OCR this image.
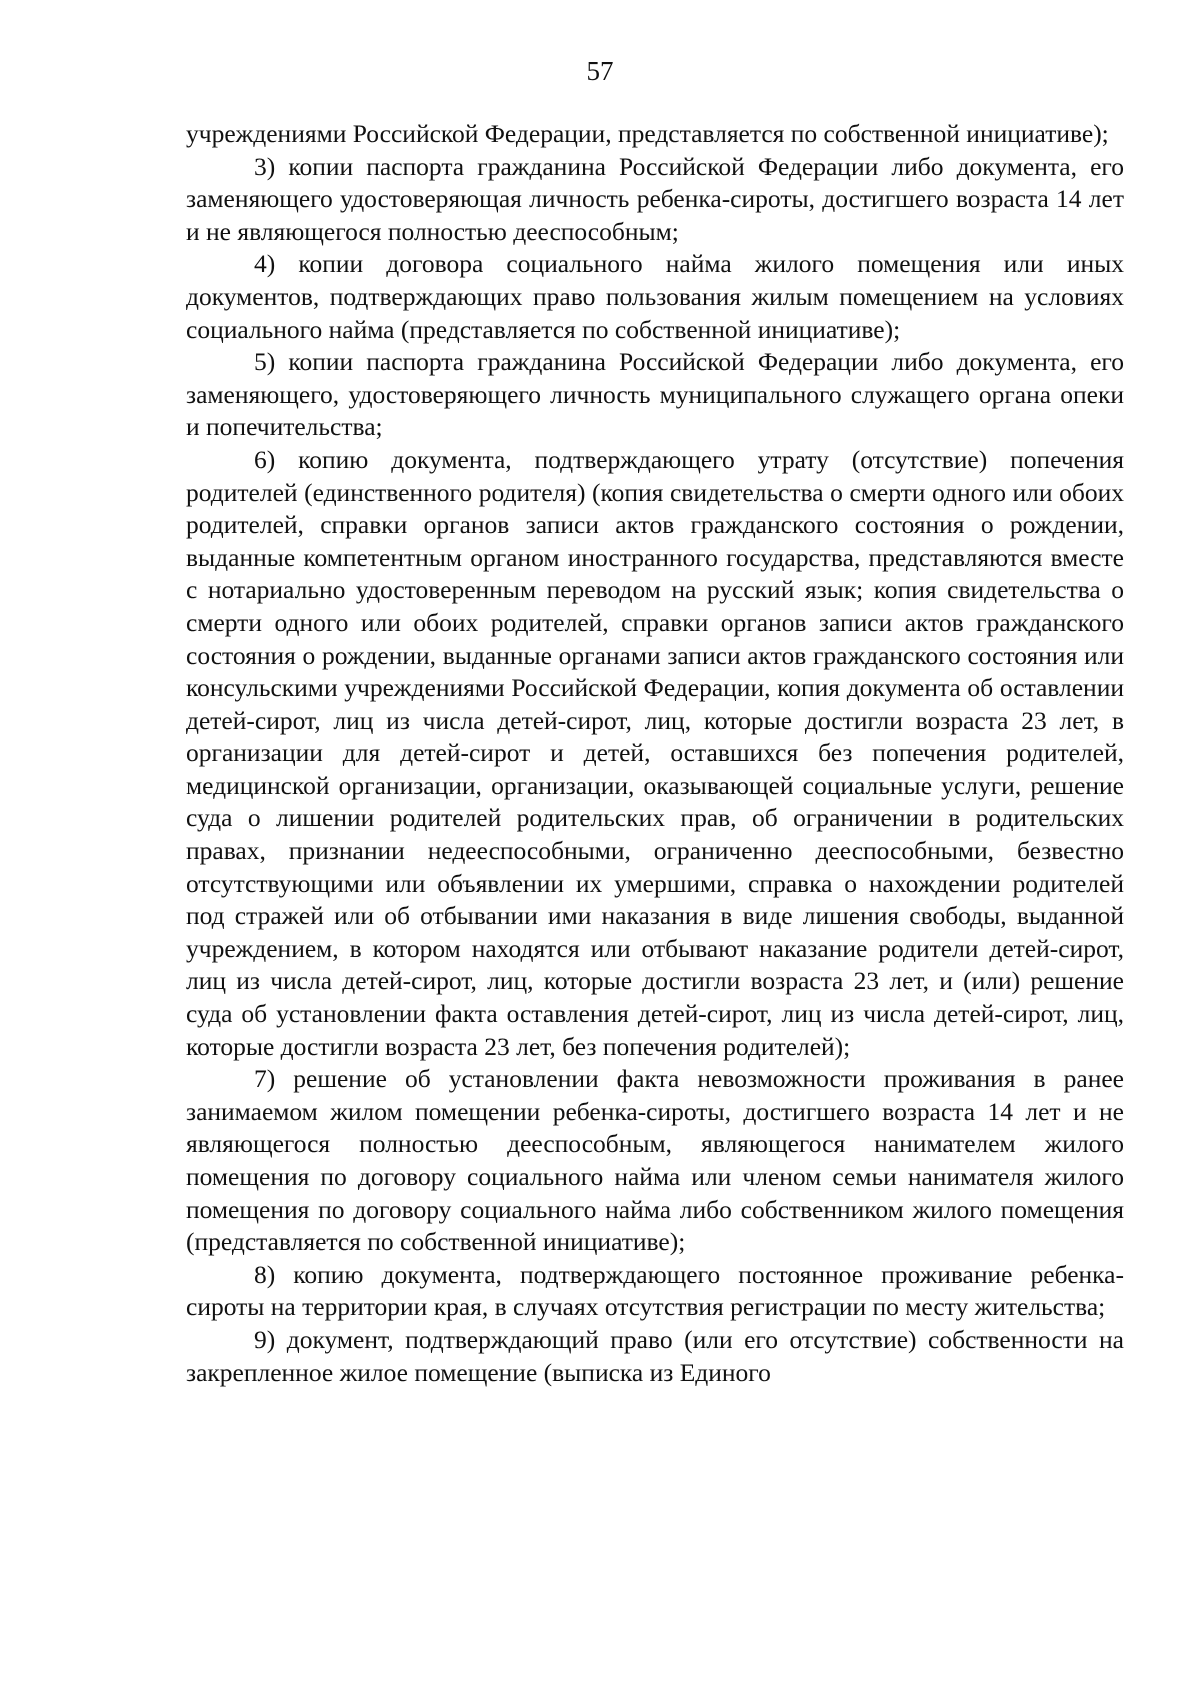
57

учреждениями Российской Федерации, представляется по собственной инициативе);

3) копии паспорта гражданина Российской Федерации либо документа, его заменяющего удостоверяющая личность ребенка-сироты, достигшего возраста 14 лет и не являющегося полностью дееспособным;

4) копии договора социального найма жилого помещения или иных документов, подтверждающих право пользования жилым помещением на условиях социального найма (представляется по собственной инициативе);

5) копии паспорта гражданина Российской Федерации либо документа, его заменяющего, удостоверяющего личность муниципального служащего органа опеки и попечительства;

6) копию документа, подтверждающего утрату (отсутствие) попечения родителей (единственного родителя) (копия свидетельства о смерти одного или обоих родителей, справки органов записи актов гражданского состояния о рождении, выданные компетентным органом иностранного государства, представляются вместе с нотариально удостоверенным переводом на русский язык; копия свидетельства о смерти одного или обоих родителей, справки органов записи актов гражданского состояния о рождении, выданные органами записи актов гражданского состояния или консульскими учреждениями Российской Федерации, копия документа об оставлении детей-сирот, лиц из числа детей-сирот, лиц, которые достигли возраста 23 лет, в организации для детей-сирот и детей, оставшихся без попечения родителей, медицинской организации, организации, оказывающей социальные услуги, решение суда о лишении родителей родительских прав, об ограничении в родительских правах, признании недееспособными, ограниченно дееспособными, безвестно отсутствующими или объявлении их умершими, справка о нахождении родителей под стражей или об отбывании ими наказания в виде лишения свободы, выданной учреждением, в котором находятся или отбывают наказание родители детей-сирот, лиц из числа детей-сирот, лиц, которые достигли возраста 23 лет, и (или) решение суда об установлении факта оставления детей-сирот, лиц из числа детей-сирот, лиц, которые достигли возраста 23 лет, без попечения родителей);

7) решение об установлении факта невозможности проживания в ранее занимаемом жилом помещении ребенка-сироты, достигшего возраста 14 лет и не являющегося полностью дееспособным, являющегося нанимателем жилого помещения по договору социального найма или членом семьи нанимателя жилого помещения по договору социального найма либо собственником жилого помещения (представляется по собственной инициативе);

8) копию документа, подтверждающего постоянное проживание ребенка-сироты на территории края, в случаях отсутствия регистрации по месту жительства;

9) документ, подтверждающий право (или его отсутствие) собственности на закрепленное жилое помещение (выписка из Единого
